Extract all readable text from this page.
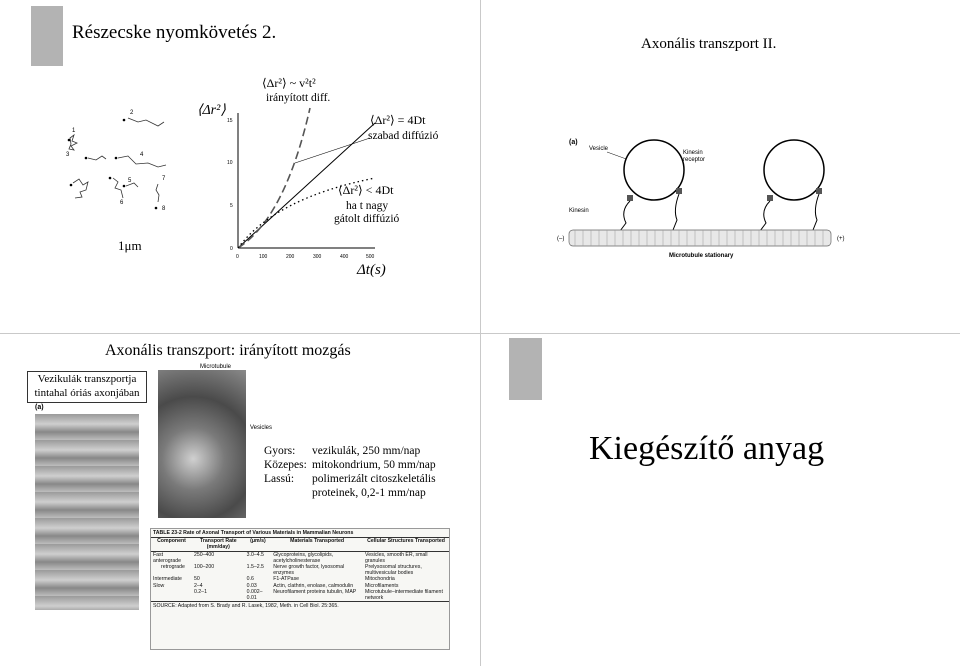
Részecske nyomkövetés 2.
1
2
3	4
5
6
7
8
1μm
⟨Δr²⟩
15
10
5
0
0	100	200	300	400	500
⟨Δr²⟩ ~ v²t²
irányított diff.
⟨Δr²⟩ = 4Dt
szabad diffúzió
⟨Δr²⟩ < 4Dt
ha t nagy
gátolt diffúzió
Δt(s)
Axonális transzport II.
(a)
Vesicle
Kinesin
receptor
Kinesin
(–)	(+)
Microtubule stationary
Axonális transzport: irányított mozgás
Vezikulák transzportja
tintahal óriás axonjában
(a)
Microtubule
Vesicles
Gyors: vezikulák, 250 mm/nap
Közepes: mitokondrium, 50 mm/nap
Lassú: polimerizált citoszkeletális
proteinek, 0,2-1 mm/nap
TABLE 23-2 Rate of Axonal Transport of Various Materials in Mammalian Neurons
Component	Transport Rate (mm/day)	(μm/s)	Materials Transported	Cellular Structures Transported
Fast anterograde	250–400	3.0–4.5	Glycoproteins, glycolipids, acetylcholinesterase	Vesicles, smooth ER, small granules
retrograde	100–200	1.5–2.5	Nerve growth factor, lysosomal enzymes	Prelysosomal structures, multivesicular bodies
Intermediate	50	0.6	F1-ATPase	Mitochondria
Slow	2–4	0.03	Actin, clathrin, enolase, calmodulin	Microfilaments
	0.2–1	0.002–0.01	Neurofilament proteins tubulin, MAP	Microtubule–intermediate filament network
SOURCE: Adapted from S. Brady and R. Lasek, 1982, Meth. in Cell Biol. 25:365.
Kiegészítő anyag
